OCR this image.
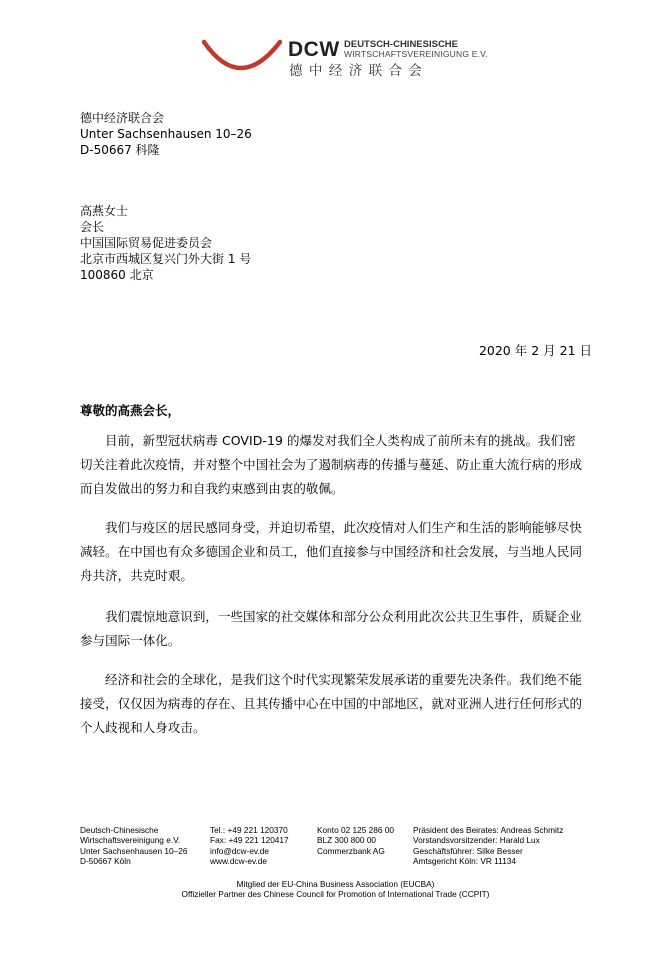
DCW DEUTSCH-CHINESISCHE
WIRTSCHAFTSVEREINIGUNG E.V.
德中经济联合会
德中经济联合会
Unter Sachsenhausen 10–26
D-50667 科隆
高燕女士
会长
中国国际贸易促进委员会
北京市西城区复兴门外大街 1 号
100860 北京
2020 年 2 月 21 日
尊敬的高燕会长，
目前，新型冠状病毒 COVID-19 的爆发对我们全人类构成了前所未有的挑战。我们密切关注着此次疫情，并对整个中国社会为了遏制病毒的传播与蔓延、防止重大流行病的形成而自发做出的努力和自我约束感到由衷的敬佩。
我们与疫区的居民感同身受，并迫切希望，此次疫情对人们生产和生活的影响能够尽快减轻。在中国也有众多德国企业和员工，他们直接参与中国经济和社会发展，与当地人民同舟共济，共克时艰。
我们震惊地意识到，一些国家的社交媒体和部分公众利用此次公共卫生事件，质疑企业参与国际一体化。
经济和社会的全球化，是我们这个时代实现繁荣发展承诺的重要先决条件。我们绝不能接受，仅仅因为病毒的存在、且其传播中心在中国的中部地区，就对亚洲人进行任何形式的个人歧视和人身攻击。
Deutsch-Chinesische
Wirtschaftsvereinigung e.V.
Unter Sachsenhausen 10–26
D-50667 Köln
Tel.: +49 221 120370
Fax: +49 221 120417
info@dcw-ev.de
www.dcw-ev.de
Konto 02 125 286 00
BLZ 300 800 00
Commerzbank AG
Präsident des Beirates: Andreas Schmitz
Vorstandsvorsitzender: Harald Lux
Geschäftsführer: Silke Besser
Amtsgericht Köln: VR 11134
Mitglied der EU-China Business Association (EUCBA)
Offizieller Partner des Chinese Council for Promotion of International Trade (CCPIT)
